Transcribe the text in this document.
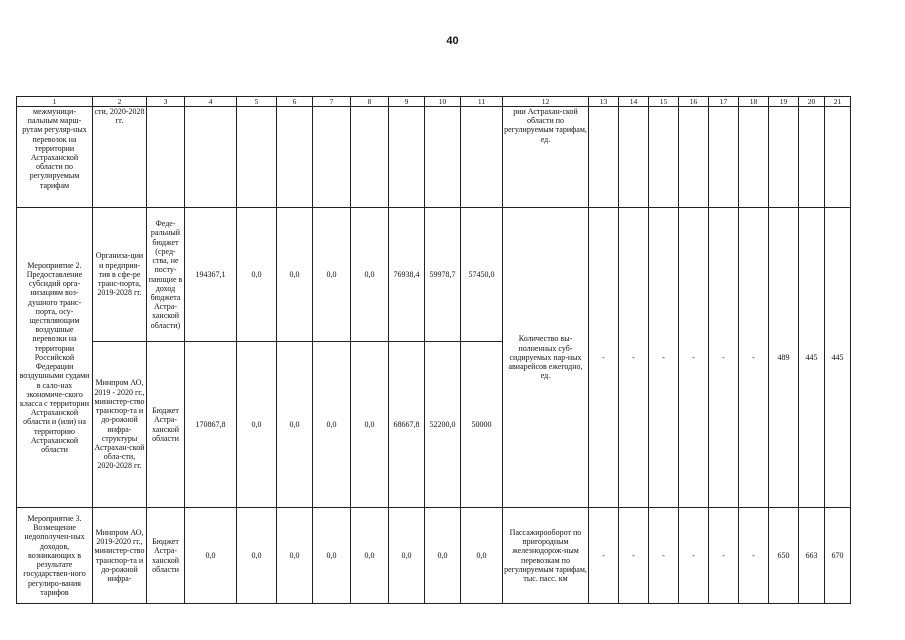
40
1	2	3	4	5	6	7	8	9	10	11	12	13	14	15	16	17	18	19	20	21
межмуници-пальным марш-рутам регуляр-ных перевозок на территории Астраханской области по регулируемым тарифам	сти, 2020-2028 гг.										рии Астрахан-ской области по регулируемым тарифам, ед.									
Мероприятие 2. Предоставление субсидий орга-низациям воз-душного транс-порта, осу-ществляющим воздушные перевозки на территории Российской Федерации воздушными судами в сало-нах экономиче-ского класса с территории Астраханской области и (или) на территорию Астраханской области	Организа-ции и предприя-тия в сфе-ре транс-порта, 2019-2028 гг.	Феде-ральный бюджет (сред-ства, не посту-пающие в доход бюджета Астра-ханской области)	194367,1	0,0	0,0	0,0	0,0	76938,4	59978,7	57450,0	Количество вы-полненных суб-сидируемых пар-ных авиарейсов ежегодно, ед.	-	-	-	-	-	-	489	445	445
	Минпром АО, 2019 - 2020 гг., министер-ство транспор-та и до-рожной инфра-структуры Астрахан-ской обла-сти, 2020-2028 гг.	Бюджет Астра-ханской области	170867,8	0,0	0,0	0,0	0,0	68667,8	52200,0	50000										
Мероприятие 3. Возмещение недополучен-ных доходов, возникающих в результате государствен-ного регулиро-вания тарифов	Минпром АО, 2019-2020 гг., министер-ство транспор-та и до-рожной инфра-	Бюджет Астра-ханской области	0,0	0,0	0,0	0,0	0,0	0,0	0,0	0,0	Пассажирооборот по пригородным железнодорож-ным перевозкам по регулируемым тарифам, тыс. пасс. км	-	-	-	-	-	-	650	663	670
